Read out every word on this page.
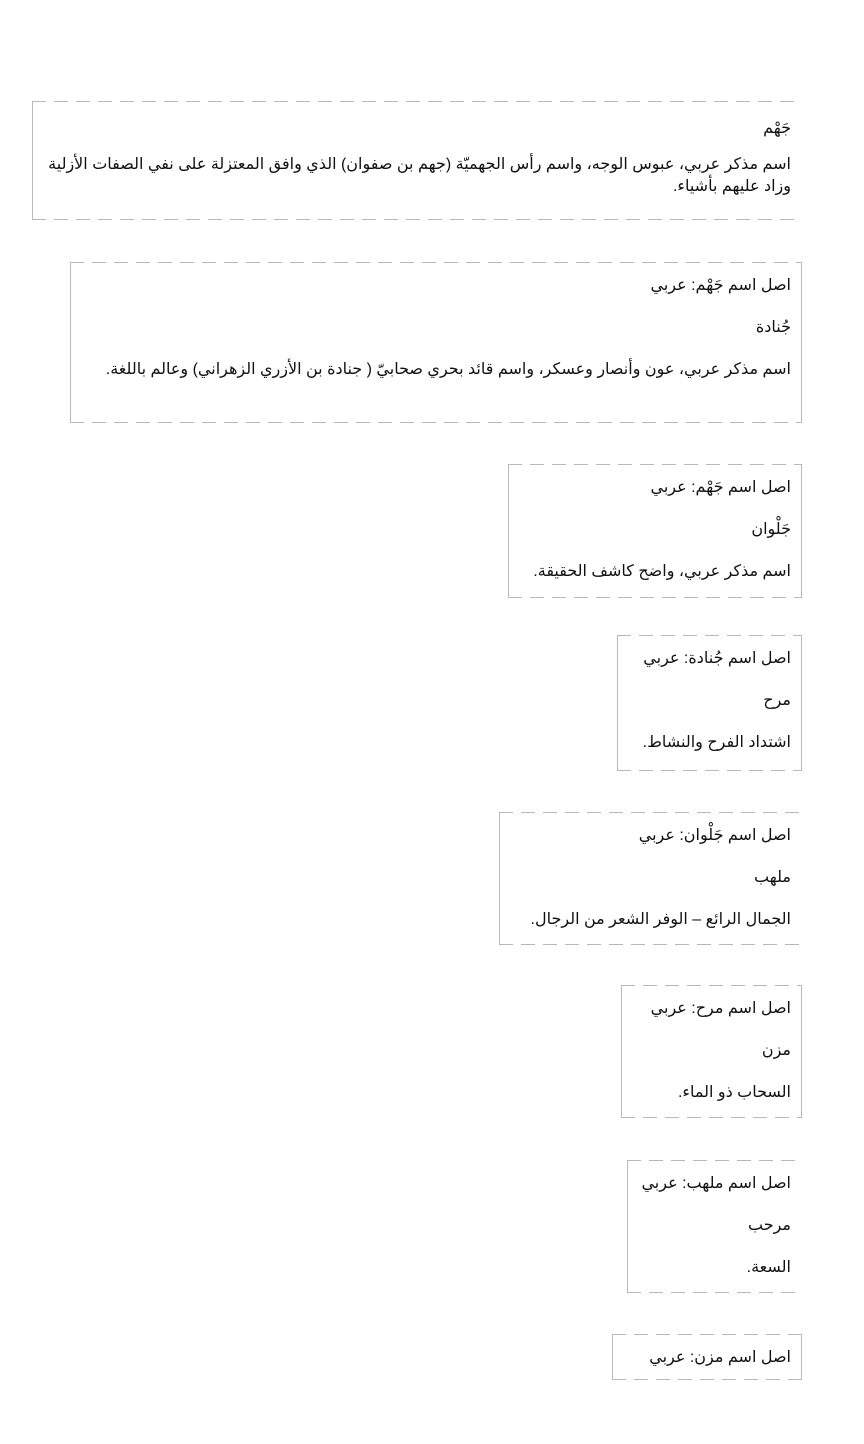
جَهْم

اسم مذكر عربي، عبوس الوجه، واسم رأس الجهميّة (جهم بن صفوان) الذي وافق المعتزلة على نفي الصفات الأزلية وزاد عليهم بأشياء.

اصل اسم جَهْم: عربي

جُنادة

اسم مذكر عربي، عون وأنصار وعسكر، واسم قائد بحري صحابيّ ( جنادة بن الأزري الزهراني) وعالم باللغة.

اصل اسم جَهْم: عربي

جَلْوان

اسم مذكر عربي، واضح كاشف الحقيقة.

اصل اسم جُنادة: عربي

مرح

اشتداد الفرح والنشاط.

اصل اسم جَلْوان: عربي

ملهب

الجمال الرائع – الوفر الشعر من الرجال.

اصل اسم مرح: عربي

مزن

السحاب ذو الماء.

اصل اسم ملهب: عربي

مرحب

السعة.

اصل اسم مزن: عربي
